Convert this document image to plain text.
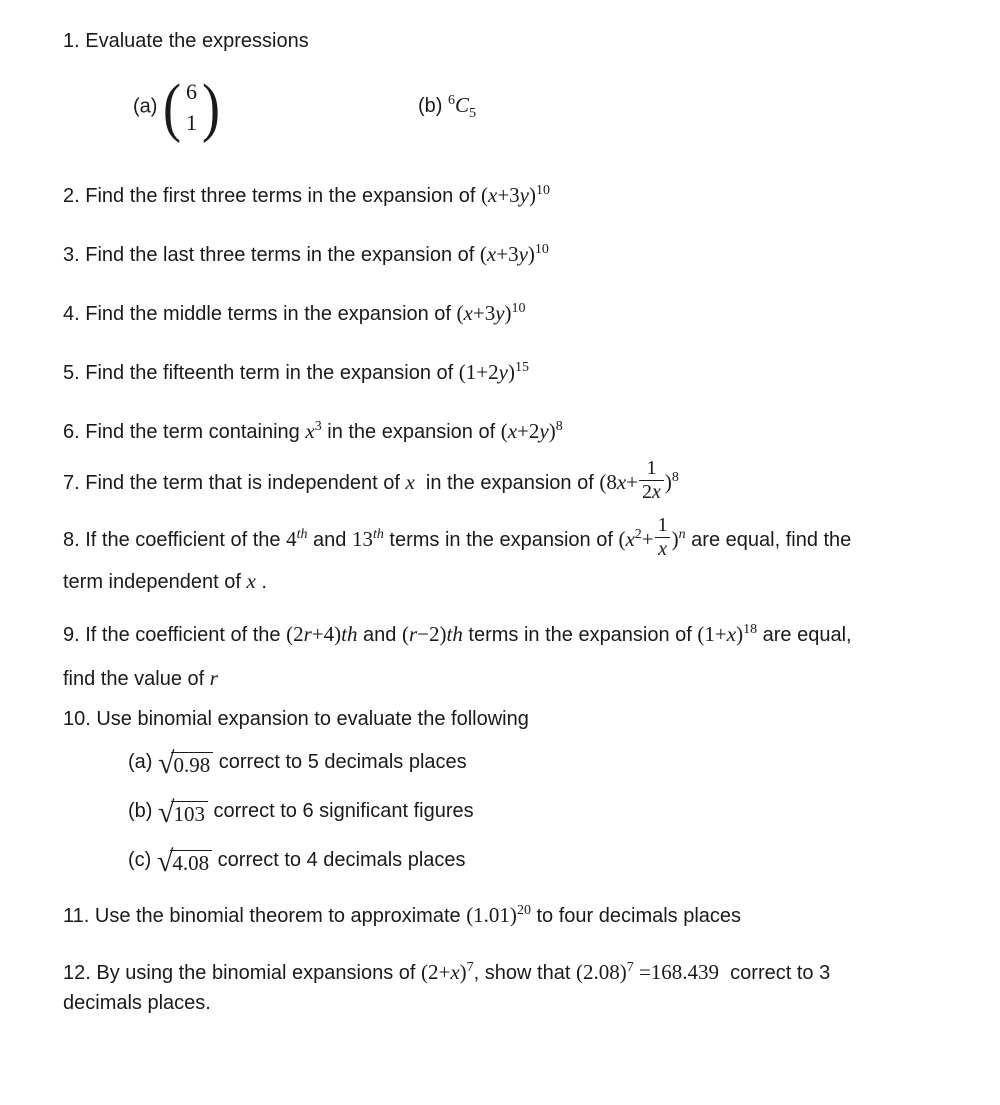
1. Evaluate the expressions
(a) ( 6
1 )	(b) $^6C_5$
2. Find the first three terms in the expansion of $(x+3y)^{10}$
3. Find the last three terms in the expansion of $(x+3y)^{10}$
4. Find the middle terms in the expansion of $(x+3y)^{10}$
5. Find the fifteenth term in the expansion of $(1+2y)^{15}$
6. Find the term containing $x^3$ in the expansion of $(x+2y)^8$
7. Find the term that is independent of x  in the expansion of $(8x+ \frac{1}{2x} )^8$
8. If the coefficient of the 4th and 13th terms in the expansion of $(x^2+ \frac{1}{x} )^n$ are equal, find the
term independent of x .
9. If the coefficient of the (2r+4)th and (r−2)th terms in the expansion of $(1+x)^{18}$ are equal,
find the value of r
10. Use binomial expansion to evaluate the following
(a) √ 0.98 correct to 5 decimals places
(b) √ 103 correct to 6 significant figures
(c) √ 4.08 correct to 4 decimals places
11. Use the binomial theorem to approximate $(1.01)^{20}$ to four decimals places
12. By using the binomial expansions of $(2+x)^7$, show that $(2.08)^7 =168.439$  correct to 3
decimals places.
